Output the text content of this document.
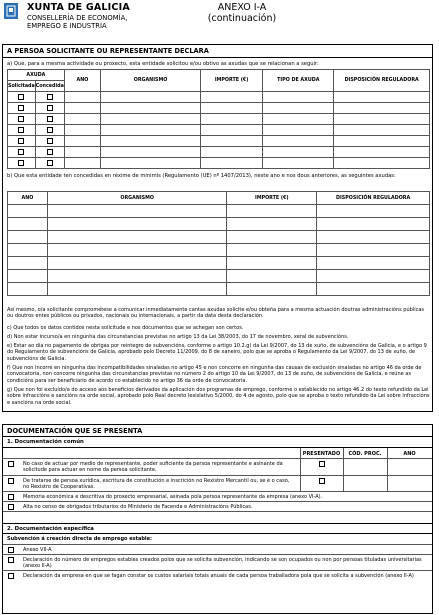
XUNTA DE GALICIA
CONSELLERÍA DE ECONOMÍA,
EMPREGO E INDUSTRIA
ANEXO I-A
(continuación)
A PERSOA SOLICITANTE OU REPRESENTANTE DECLARA
a) Que, para a mesma actividade ou proxecto, esta entidade solicitou e/ou obtivo as axudas que se relacionan a seguir:
AXUDA		ANO	ORGANISMO	IMPORTE (€)	TIPO DE AXUDA	DISPOSICIÓN REGULADORA
Solicitada	Concedida					

b) Que esta entidade ten concedidas en réxime de minimis (Regulamento (UE) nº 1407/2013), neste ano e nos dous anteriores, as seguintes axudas:
ANO	ORGANISMO	IMPORTE (€)	DISPOSICIÓN REGULADORA

Así mesmo, o/a solicitante comprométese a comunicar inmediatamente cantas axudas solicite e/ou obteña para a mesma actuación doutras administracións públicas ou doutros entes públicos ou privados, nacionais ou internacionais, a partir da data desta declaración.
c) Que todos os datos contidos nesta solicitude e nos documentos que se achegan son certos.
d) Non estar incurso/a en ningunha das circunstancias previstas no artigo 13 da Lei 38/2003, do 17 de novembro, xeral de subvencións.
e) Estar ao día no pagamento de obrigas por reintegro de subvencións, conforme o artigo 10.2.g) da Lei 9/2007, do 13 de xuño, de subvencións de Galicia, e o artigo 9 do Regulamento de subvencións de Galicia, aprobado polo Decreto 11/2009, do 8 de xaneiro, polo que se aproba o Regulamento da Lei 9/2007, do 13 de xuño, de subvencións de Galicia.
f) Que non incorre en ningunha das incompatibilidades sinaladas no artigo 45 e non concorre en ningunha das causas de exclusión sinaladas no artigo 46 da orde de convocatoria, non concorre ningunha das circunstancias previstas no número 2 do artigo 10 da Lei 9/2007, do 13 de xuño, de subvencións de Galicia, e reúne as condicións para ser beneficiario de acordo co establecido no artigo 36 da orde de convocatoria.
g) Que non foi excluído/a do acceso aos beneficios derivados da aplicación dos programas de emprego, conforme o establecido no artigo 46.2 do texto refundido da Lei sobre infraccións e sancións na orde social, aprobado polo Real decreto lexislativo 5/2000, do 4 de agosto, polo que se aproba o texto refundido da Lei sobre infraccións e sancións na orde social.
DOCUMENTACIÓN QUE SE PRESENTA
1. Documentación común
PRESENTADO	CÓD. PROC.	ANO
No caso de actuar por medio de representante, poder suficiente da persoa representante e asinante da solicitude para actuar en nome da persoa solicitante.
De tratarse de persoa xurídica, escritura de constitución e inscrición no Rexistro Mercantil ou, se é o caso, no Rexistro de Cooperativas.
Memoria económica e descritiva do proxecto empresarial, asinada pola persoa representante da empresa (anexo VI-A).
Alta no censo de obrigados tributarios do Ministerio de Facenda e Administracións Públicas.
2. Documentación específica
Subvención á creación directa de emprego estable:
Anexo VII-A
Declaración do número de empregos estables creados polos que se solicita subvención, indicando se son ocupados ou non por persoas tituladas universitarias (anexo II-A)
Declaración da empresa en que se fagan constar os custos salariais totais anuais de cada persoa traballadora pola que se solicita a subvención (anexo II-A)
